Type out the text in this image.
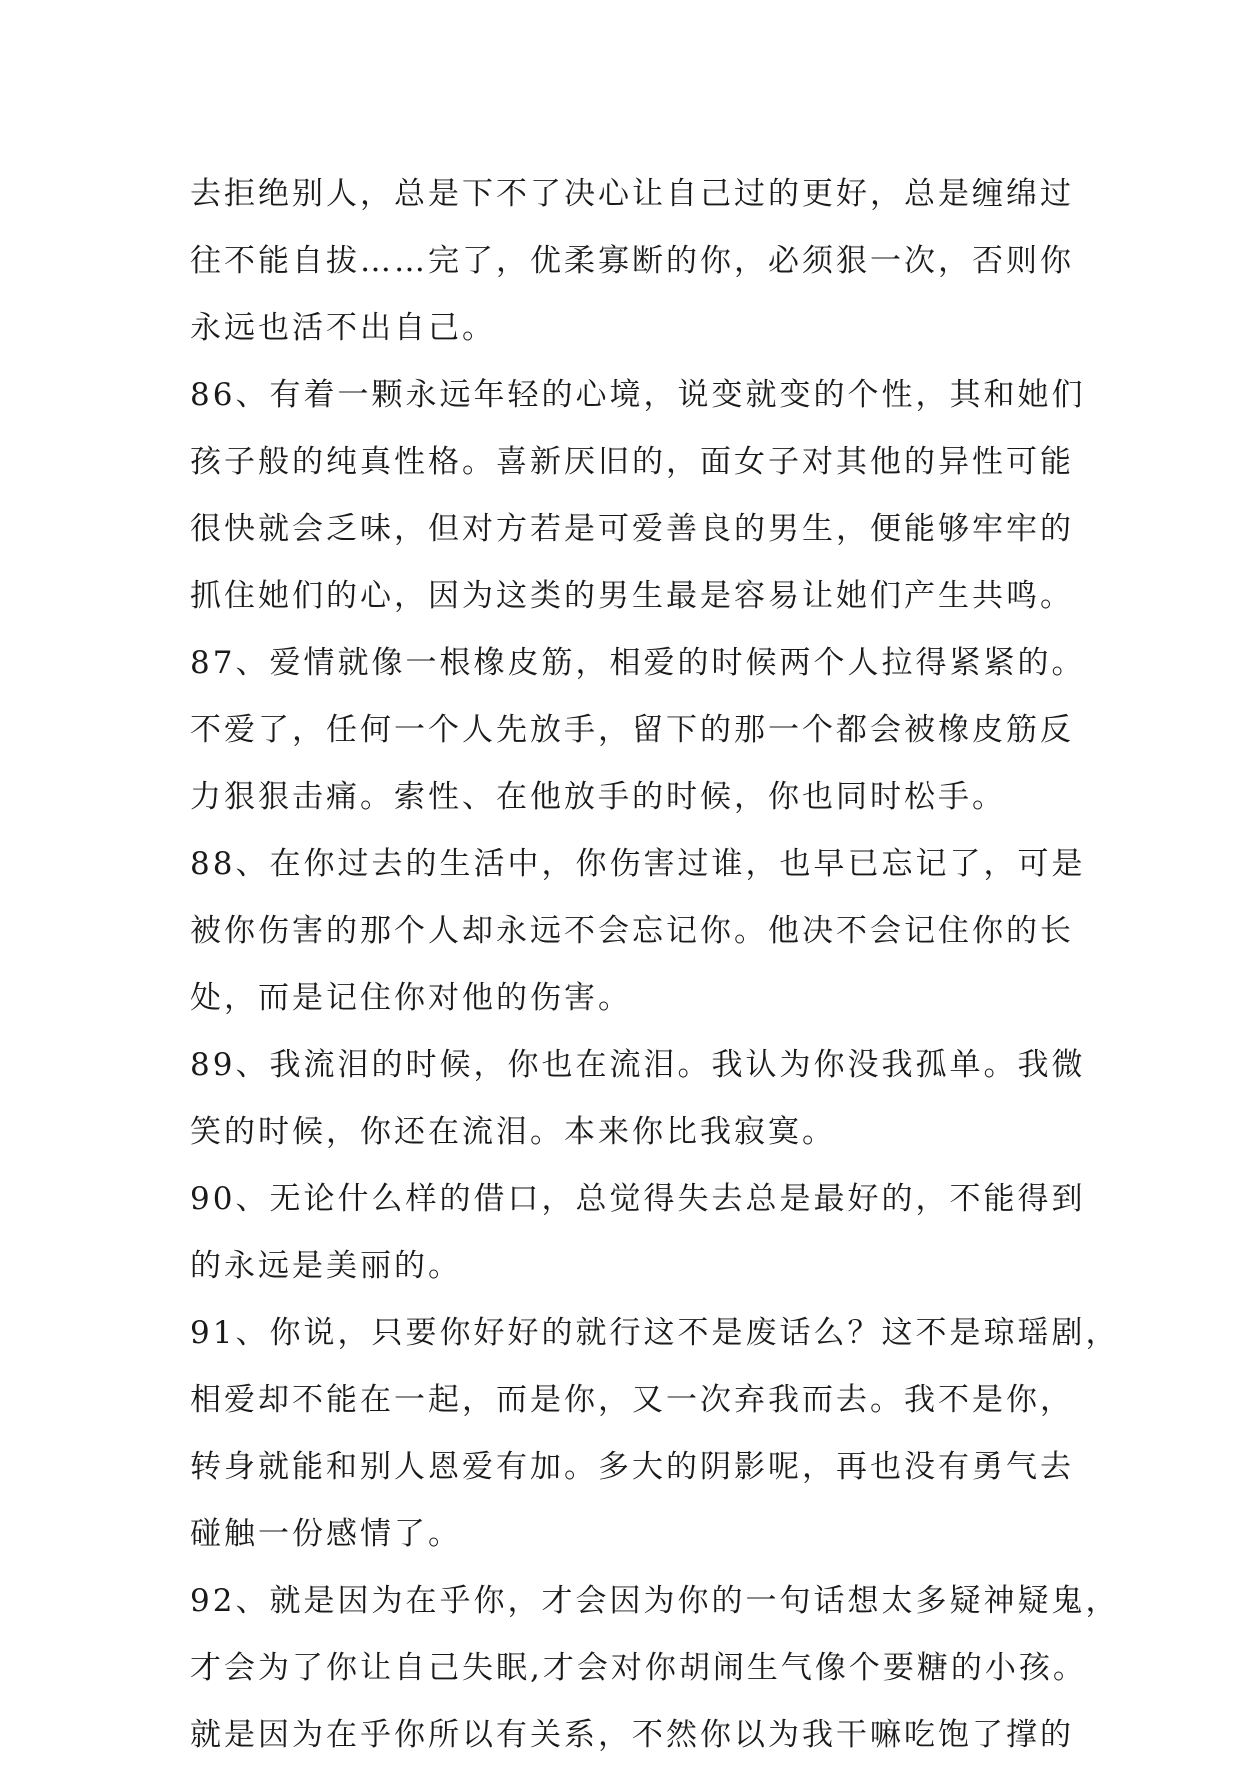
去拒绝别人，总是下不了决心让自己过的更好，总是缠绵过
往不能自拔……完了，优柔寡断的你，必须狠一次，否则你
永远也活不出自己。
86、有着一颗永远年轻的心境，说变就变的个性，其和她们
孩子般的纯真性格。喜新厌旧的，面女子对其他的异性可能
很快就会乏味，但对方若是可爱善良的男生，便能够牢牢的
抓住她们的心，因为这类的男生最是容易让她们产生共鸣。
87、爱情就像一根橡皮筋，相爱的时候两个人拉得紧紧的。
不爱了，任何一个人先放手，留下的那一个都会被橡皮筋反
力狠狠击痛。索性、在他放手的时候，你也同时松手。
88、在你过去的生活中，你伤害过谁，也早已忘记了，可是
被你伤害的那个人却永远不会忘记你。他决不会记住你的长
处，而是记住你对他的伤害。
89、我流泪的时候，你也在流泪。我认为你没我孤单。我微
笑的时候，你还在流泪。本来你比我寂寞。
90、无论什么样的借口，总觉得失去总是最好的，不能得到
的永远是美丽的。
91、你说，只要你好好的就行这不是废话么？这不是琼瑶剧，
相爱却不能在一起，而是你，又一次弃我而去。我不是你，
转身就能和别人恩爱有加。多大的阴影呢，再也没有勇气去
碰触一份感情了。
92、就是因为在乎你，才会因为你的一句话想太多疑神疑鬼，
才会为了你让自己失眠,才会对你胡闹生气像个要糖的小孩。
就是因为在乎你所以有关系，不然你以为我干嘛吃饱了撑的
